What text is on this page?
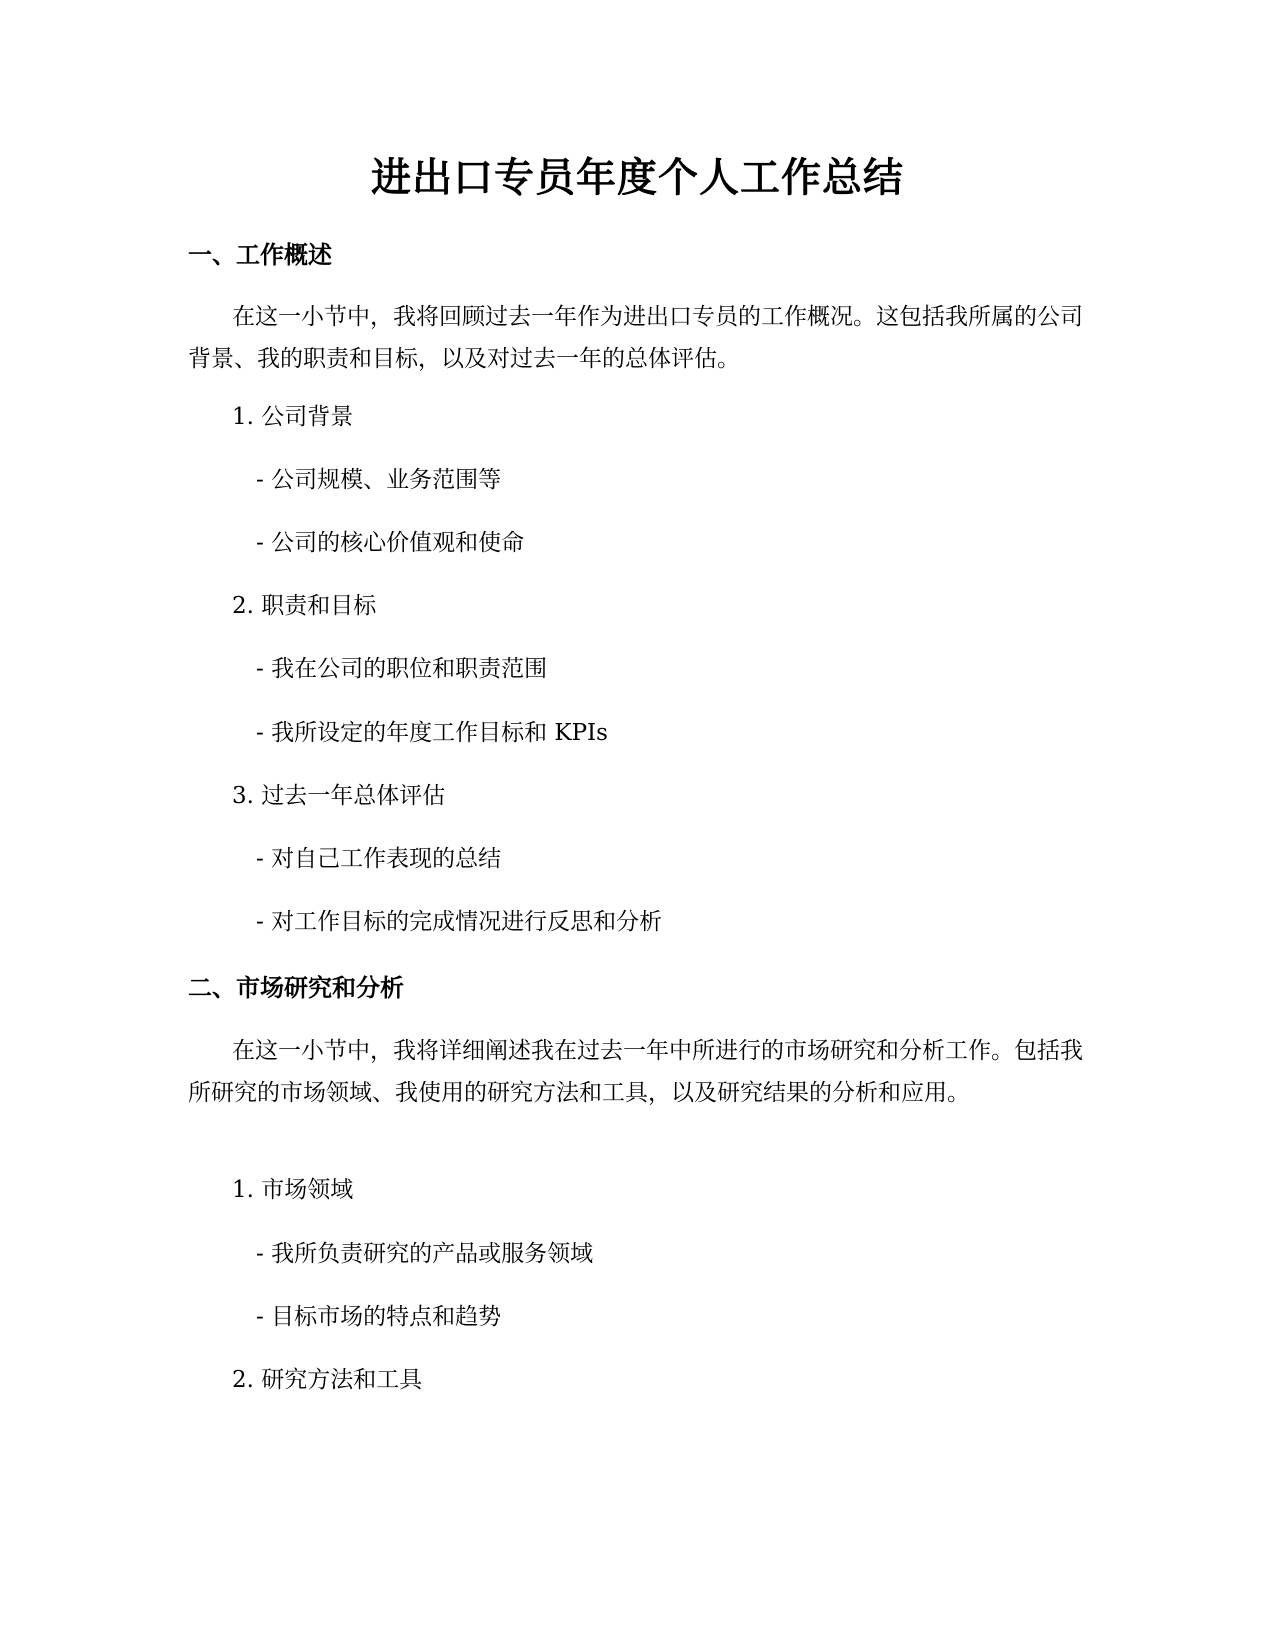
进出口专员年度个人工作总结
一、工作概述

在这一小节中，我将回顾过去一年作为进出口专员的工作概况。这包括我所属的公司背景、我的职责和目标，以及对过去一年的总体评估。

1. 公司背景

- 公司规模、业务范围等

- 公司的核心价值观和使命

2. 职责和目标

- 我在公司的职位和职责范围

- 我所设定的年度工作目标和 KPIs

3. 过去一年总体评估

- 对自己工作表现的总结

- 对工作目标的完成情况进行反思和分析

二、市场研究和分析

在这一小节中，我将详细阐述我在过去一年中所进行的市场研究和分析工作。包括我所研究的市场领域、我使用的研究方法和工具，以及研究结果的分析和应用。

1. 市场领域

- 我所负责研究的产品或服务领域

- 目标市场的特点和趋势

2. 研究方法和工具
